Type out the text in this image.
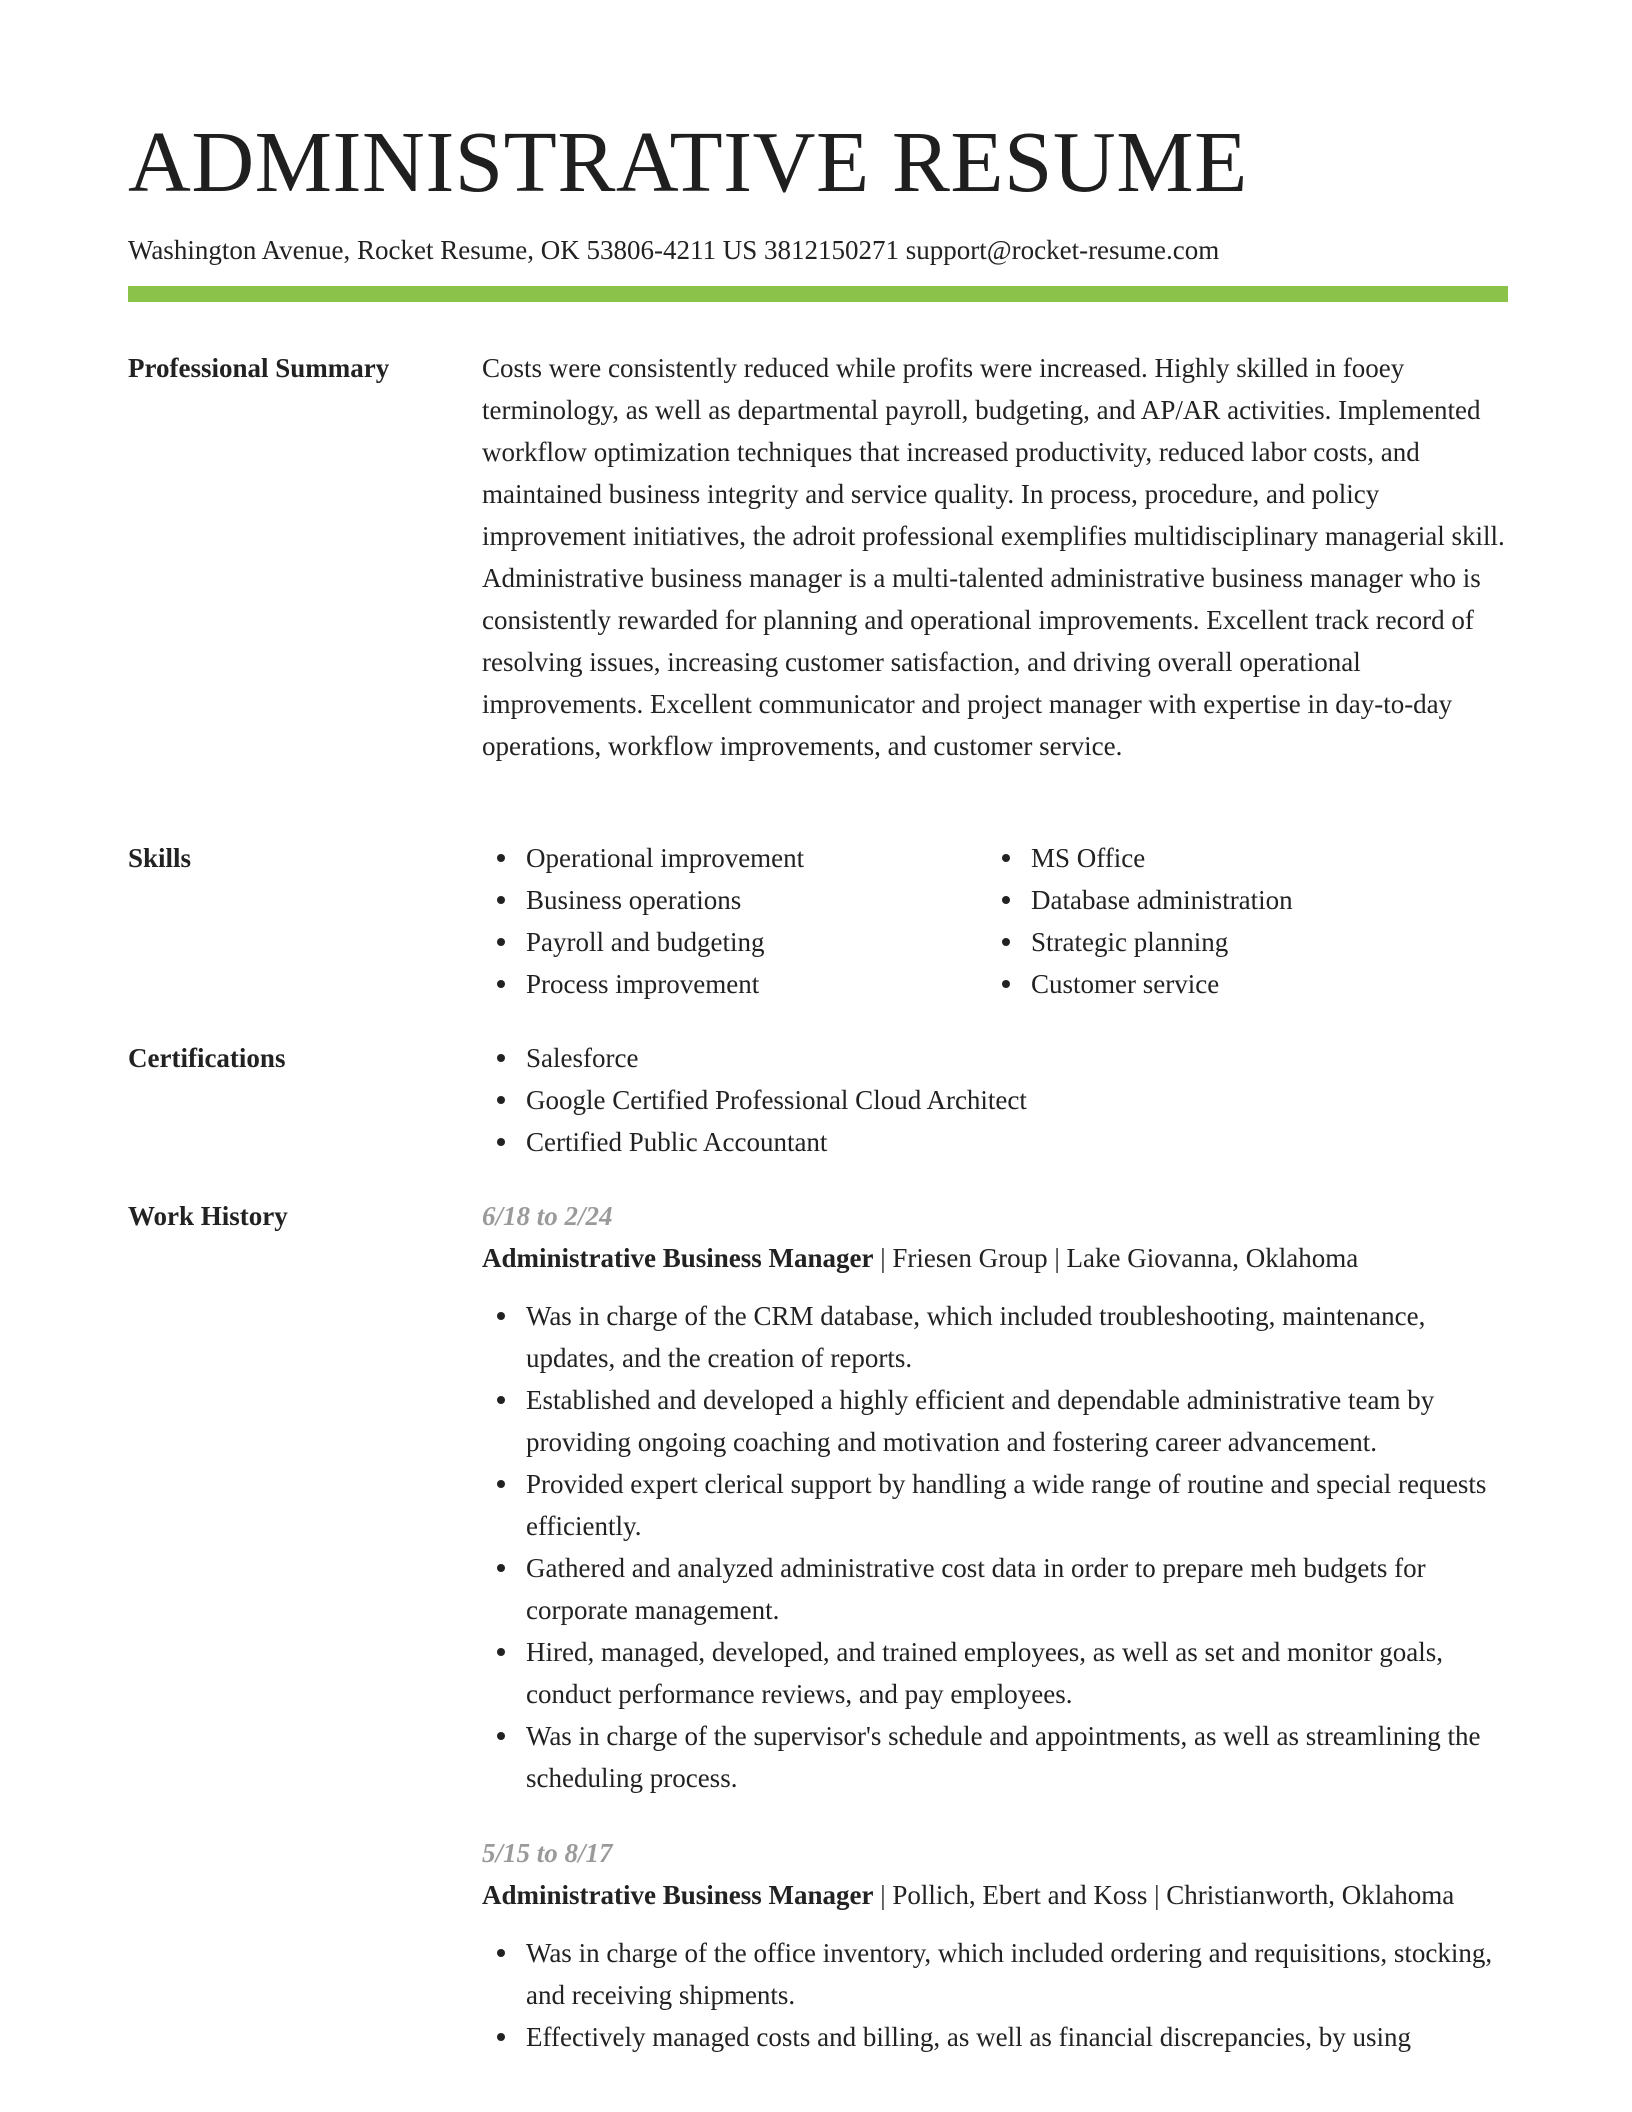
ADMINISTRATIVE RESUME
Washington Avenue, Rocket Resume, OK 53806-4211 US 3812150271 support@rocket-resume.com
Professional Summary	Costs were consistently reduced while profits were increased. Highly skilled in fooey terminology, as well as departmental payroll, budgeting, and AP/AR activities. Implemented workflow optimization techniques that increased productivity, reduced labor costs, and maintained business integrity and service quality. In process, procedure, and policy improvement initiatives, the adroit professional exemplifies multidisciplinary managerial skill. Administrative business manager is a multi-talented administrative business manager who is consistently rewarded for planning and operational improvements. Excellent track record of resolving issues, increasing customer satisfaction, and driving overall operational improvements. Excellent communicator and project manager with expertise in day-to-day operations, workflow improvements, and customer service.

Skills	Operational improvement
Business operations
Payroll and budgeting
Process improvement
MS Office
Database administration
Strategic planning
Customer service
Certifications	Salesforce
Google Certified Professional Cloud Architect
Certified Public Accountant
Work History	6/18 to 2/24
Administrative Business Manager | Friesen Group | Lake Giovanna, Oklahoma
Was in charge of the CRM database, which included troubleshooting, maintenance, updates, and the creation of reports.
Established and developed a highly efficient and dependable administrative team by providing ongoing coaching and motivation and fostering career advancement.
Provided expert clerical support by handling a wide range of routine and special requests efficiently.
Gathered and analyzed administrative cost data in order to prepare meh budgets for corporate management.
Hired, managed, developed, and trained employees, as well as set and monitor goals, conduct performance reviews, and pay employees.
Was in charge of the supervisor's schedule and appointments, as well as streamlining the scheduling process.
5/15 to 8/17
Administrative Business Manager | Pollich, Ebert and Koss | Christianworth, Oklahoma
Was in charge of the office inventory, which included ordering and requisitions, stocking, and receiving shipments.
Effectively managed costs and billing, as well as financial discrepancies, by using
